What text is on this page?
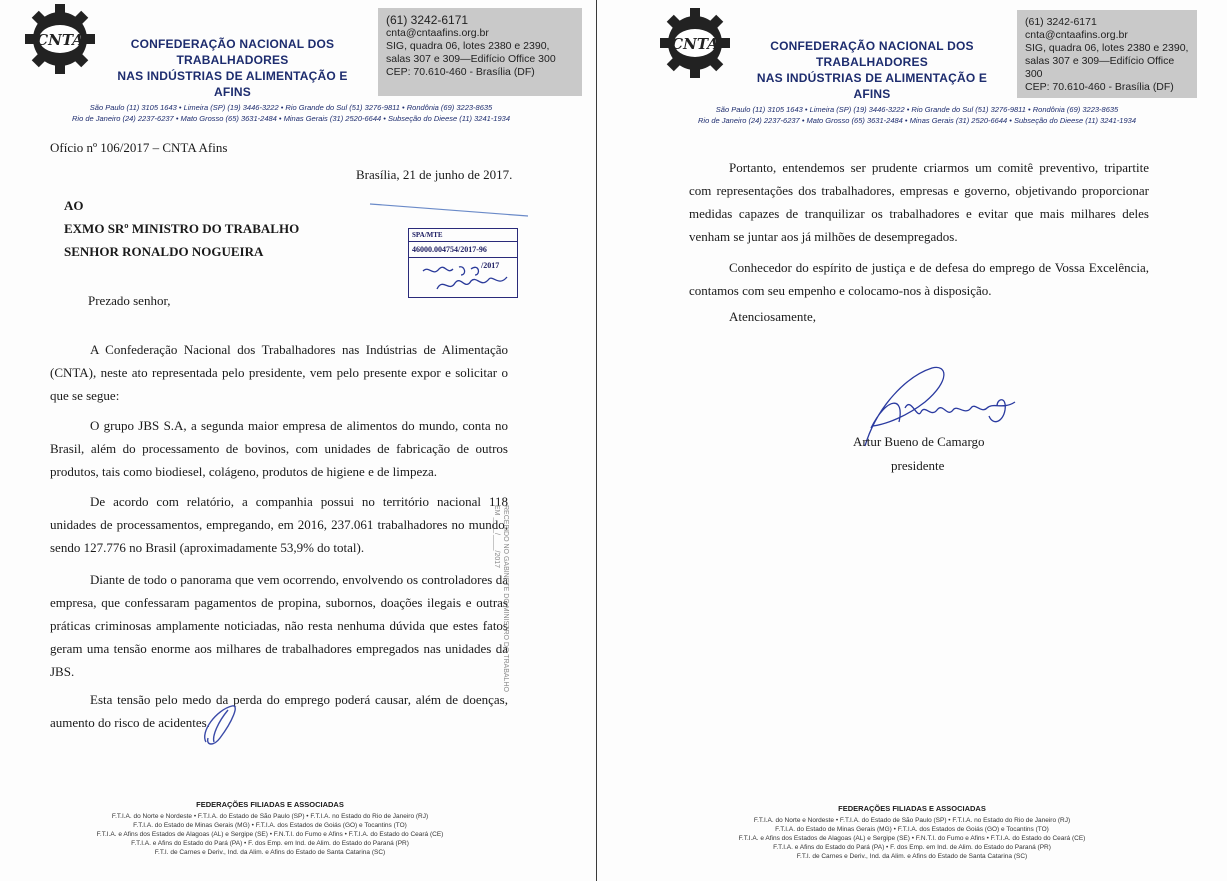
CNTA	CONFEDERAÇÃO NACIONAL DOS TRABALHADORES
NAS INDÚSTRIAS DE ALIMENTAÇÃO E AFINS
(61) 3242-6171
cnta@cntaafins.org.br
SIG, quadra 06, lotes 2380 e 2390,
salas 307 e 309—Edifício Office 300
CEP: 70.610-460 - Brasília (DF)
São Paulo (11) 3105 1643 • Limeira (SP) (19) 3446-3222 • Rio Grande do Sul (51) 3276-9811 • Rondônia (69) 3223-8635
Rio de Janeiro (24) 2237-6237 • Mato Grosso (65) 3631-2484 • Minas Gerais (31) 2520-6644 • Subseção do Dieese (11) 3241-1934
Ofício nº 106/2017 – CNTA Afins
Brasília, 21 de junho de 2017.
AO
EXMO SRº MINISTRO DO TRABALHO
SENHOR RONALDO NOGUEIRA
SPA/MTE
46000.004754/2017-96
/2017
Prezado senhor,
A Confederação Nacional dos Trabalhadores nas Indústrias de Alimentação (CNTA), neste ato representada pelo presidente, vem pelo presente expor e solicitar o que se segue:
O grupo JBS S.A, a segunda maior empresa de alimentos do mundo, conta no Brasil, além do processamento de bovinos, com unidades de fabricação de outros produtos, tais como biodiesel, colágeno, produtos de higiene e de limpeza.
De acordo com relatório, a companhia possui no território nacional 118 unidades de processamentos, empregando, em 2016, 237.061 trabalhadores no mundo, sendo 127.776 no Brasil (aproximadamente 53,9% do total).
Diante de todo o panorama que vem ocorrendo, envolvendo os controladores da empresa, que confessaram pagamentos de propina, subornos, doações ilegais e outras práticas criminosas amplamente noticiadas, não resta nenhuma dúvida que estes fatos geram uma tensão enorme aos milhares de trabalhadores empregados nas unidades da JBS.
Esta tensão pelo medo da perda do emprego poderá causar, além de doenças, aumento do risco de acidentes.
RECEBIDO NO GABINETE DO MINISTRO DO TRABALHO
EM ____/____/2017
FEDERAÇÕES FILIADAS E ASSOCIADAS
F.T.I.A. do Norte e Nordeste • F.T.I.A. do Estado de São Paulo (SP) • F.T.I.A. no Estado do Rio de Janeiro (RJ)
F.T.I.A. do Estado de Minas Gerais (MG) • F.T.I.A. dos Estados de Goiás (GO) e Tocantins (TO)
F.T.I.A. e Afins dos Estados de Alagoas (AL) e Sergipe (SE) • F.N.T.I. do Fumo e Afins • F.T.I.A. do Estado do Ceará (CE)
F.T.I.A. e Afins do Estado do Pará (PA) • F. dos Emp. em Ind. de Alim. do Estado do Paraná (PR)
F.T.I. de Carnes e Deriv., Ind. da Alim. e Afins do Estado de Santa Catarina (SC)
CNTA	CONFEDERAÇÃO NACIONAL DOS TRABALHADORES
NAS INDÚSTRIAS DE ALIMENTAÇÃO E AFINS
(61) 3242-6171
cnta@cntaafins.org.br
SIG, quadra 06, lotes 2380 e 2390,
salas 307 e 309—Edifício Office 300
CEP: 70.610-460 - Brasília (DF)
São Paulo (11) 3105 1643 • Limeira (SP) (19) 3446-3222 • Rio Grande do Sul (51) 3276-9811 • Rondônia (69) 3223-8635
Rio de Janeiro (24) 2237-6237 • Mato Grosso (65) 3631-2484 • Minas Gerais (31) 2520-6644 • Subseção do Dieese (11) 3241-1934
Portanto, entendemos ser prudente criarmos um comitê preventivo, tripartite com representações dos trabalhadores, empresas e governo, objetivando proporcionar medidas capazes de tranquilizar os trabalhadores e evitar que mais milhares deles venham se juntar aos já milhões de desempregados.
Conhecedor do espírito de justiça e de defesa do emprego de Vossa Excelência, contamos com seu empenho e colocamo-nos à disposição.
Atenciosamente,
ABcamargo
Artur Bueno de Camargo
presidente
FEDERAÇÕES FILIADAS E ASSOCIADAS
F.T.I.A. do Norte e Nordeste • F.T.I.A. do Estado de São Paulo (SP) • F.T.I.A. no Estado do Rio de Janeiro (RJ)
F.T.I.A. do Estado de Minas Gerais (MG) • F.T.I.A. dos Estados de Goiás (GO) e Tocantins (TO)
F.T.I.A. e Afins dos Estados de Alagoas (AL) e Sergipe (SE) • F.N.T.I. do Fumo e Afins • F.T.I.A. do Estado do Ceará (CE)
F.T.I.A. e Afins do Estado do Pará (PA) • F. dos Emp. em Ind. de Alim. do Estado do Paraná (PR)
F.T.I. de Carnes e Deriv., Ind. da Alim. e Afins do Estado de Santa Catarina (SC)
